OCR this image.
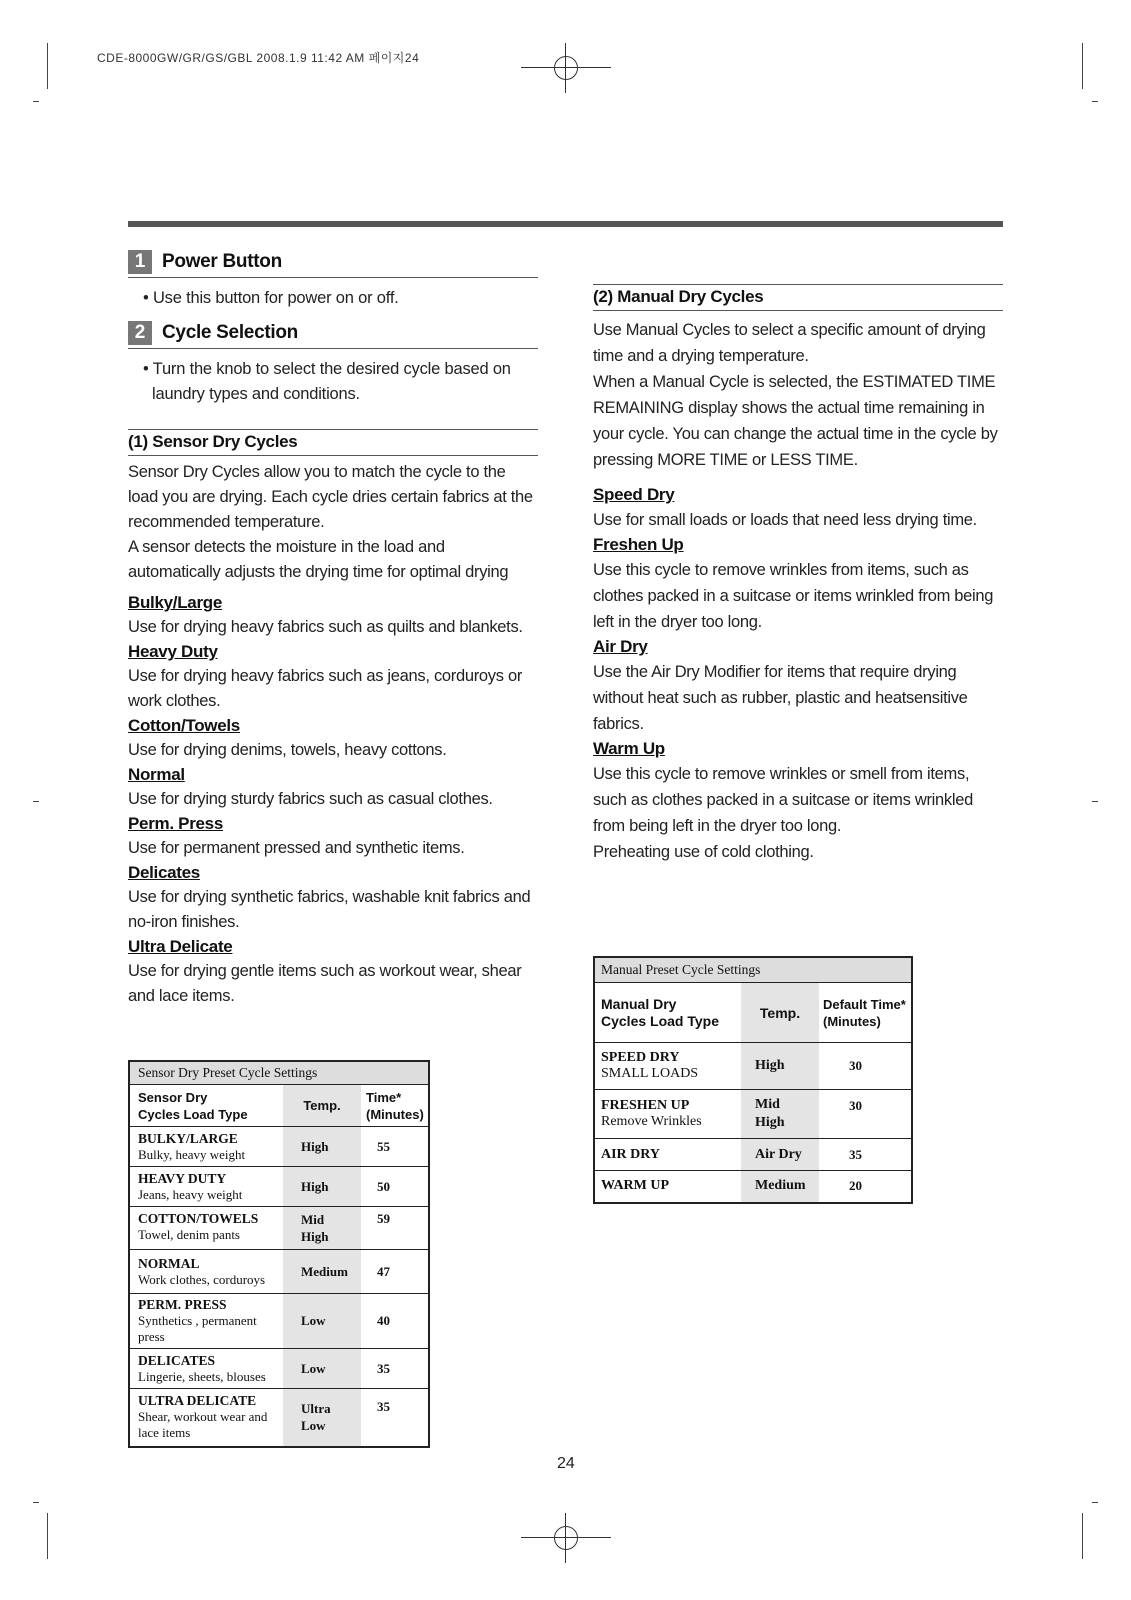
CDE-8000GW/GR/GS/GBL 2008.1.9 11:42 AM 페이지24
1 Power Button
• Use this button for power on or off.
2 Cycle Selection
• Turn the knob to select the desired cycle based on laundry types and conditions.
(1) Sensor Dry Cycles
Sensor Dry Cycles allow you to match the cycle to the load you are drying. Each cycle dries certain fabrics at the recommended temperature.
A sensor detects the moisture in the load and automatically adjusts the drying time for optimal drying
Bulky/Large
Use for drying heavy fabrics such as quilts and blankets.
Heavy Duty
Use for drying heavy fabrics such as jeans, corduroys or work clothes.
Cotton/Towels
Use for drying denims, towels, heavy cottons.
Normal
Use for drying sturdy fabrics such as casual clothes.
Perm. Press
Use for permanent pressed and synthetic items.
Delicates
Use for drying synthetic fabrics, washable knit fabrics and no-iron finishes.
Ultra Delicate
Use for drying gentle items such as workout wear, shear and lace items.
Sensor Dry Preset Cycle Settings		
Sensor Dry
Cycles Load Type	Temp.	Time*
(Minutes)

BULKY/LARGE
Bulky, heavy weight	High	55

HEAVY DUTY
Jeans, heavy weight	High	50

COTTON/TOWELS
Towel, denim pants	Mid
High	59

NORMAL
Work clothes, corduroys	Medium	47

PERM. PRESS
Synthetics , permanent press	Low	40

DELICATES
Lingerie, sheets, blouses	Low	35

ULTRA DELICATE
Shear, workout wear and lace items	Ultra
Low	35
(2) Manual Dry Cycles
Use Manual Cycles to select a specific amount of drying time and a drying temperature.
When a Manual Cycle is selected, the ESTIMATED TIME REMAINING display shows the actual time remaining in your cycle. You can change the actual time in the cycle by pressing MORE TIME or LESS TIME.
Speed Dry
Use for small loads or loads that need less drying time.
Freshen Up
Use this cycle to remove wrinkles from items, such as clothes packed in a suitcase or items wrinkled from being left in the dryer too long.
Air Dry
Use the Air Dry Modifier for items that require drying without heat such as rubber, plastic and heatsensitive fabrics.
Warm Up
Use this cycle to remove wrinkles or smell from items, such as clothes packed in a suitcase or items wrinkled from being left in the dryer too long.
Preheating use of cold clothing.
Manual Preset Cycle Settings		
Manual Dry
Cycles Load Type	Temp.	Default Time*
(Minutes)

SPEED DRY
SMALL LOADS	High	30

FRESHEN UP
Remove Wrinkles	Mid
High	30

AIR DRY	Air Dry	35

WARM UP	Medium	20
24
